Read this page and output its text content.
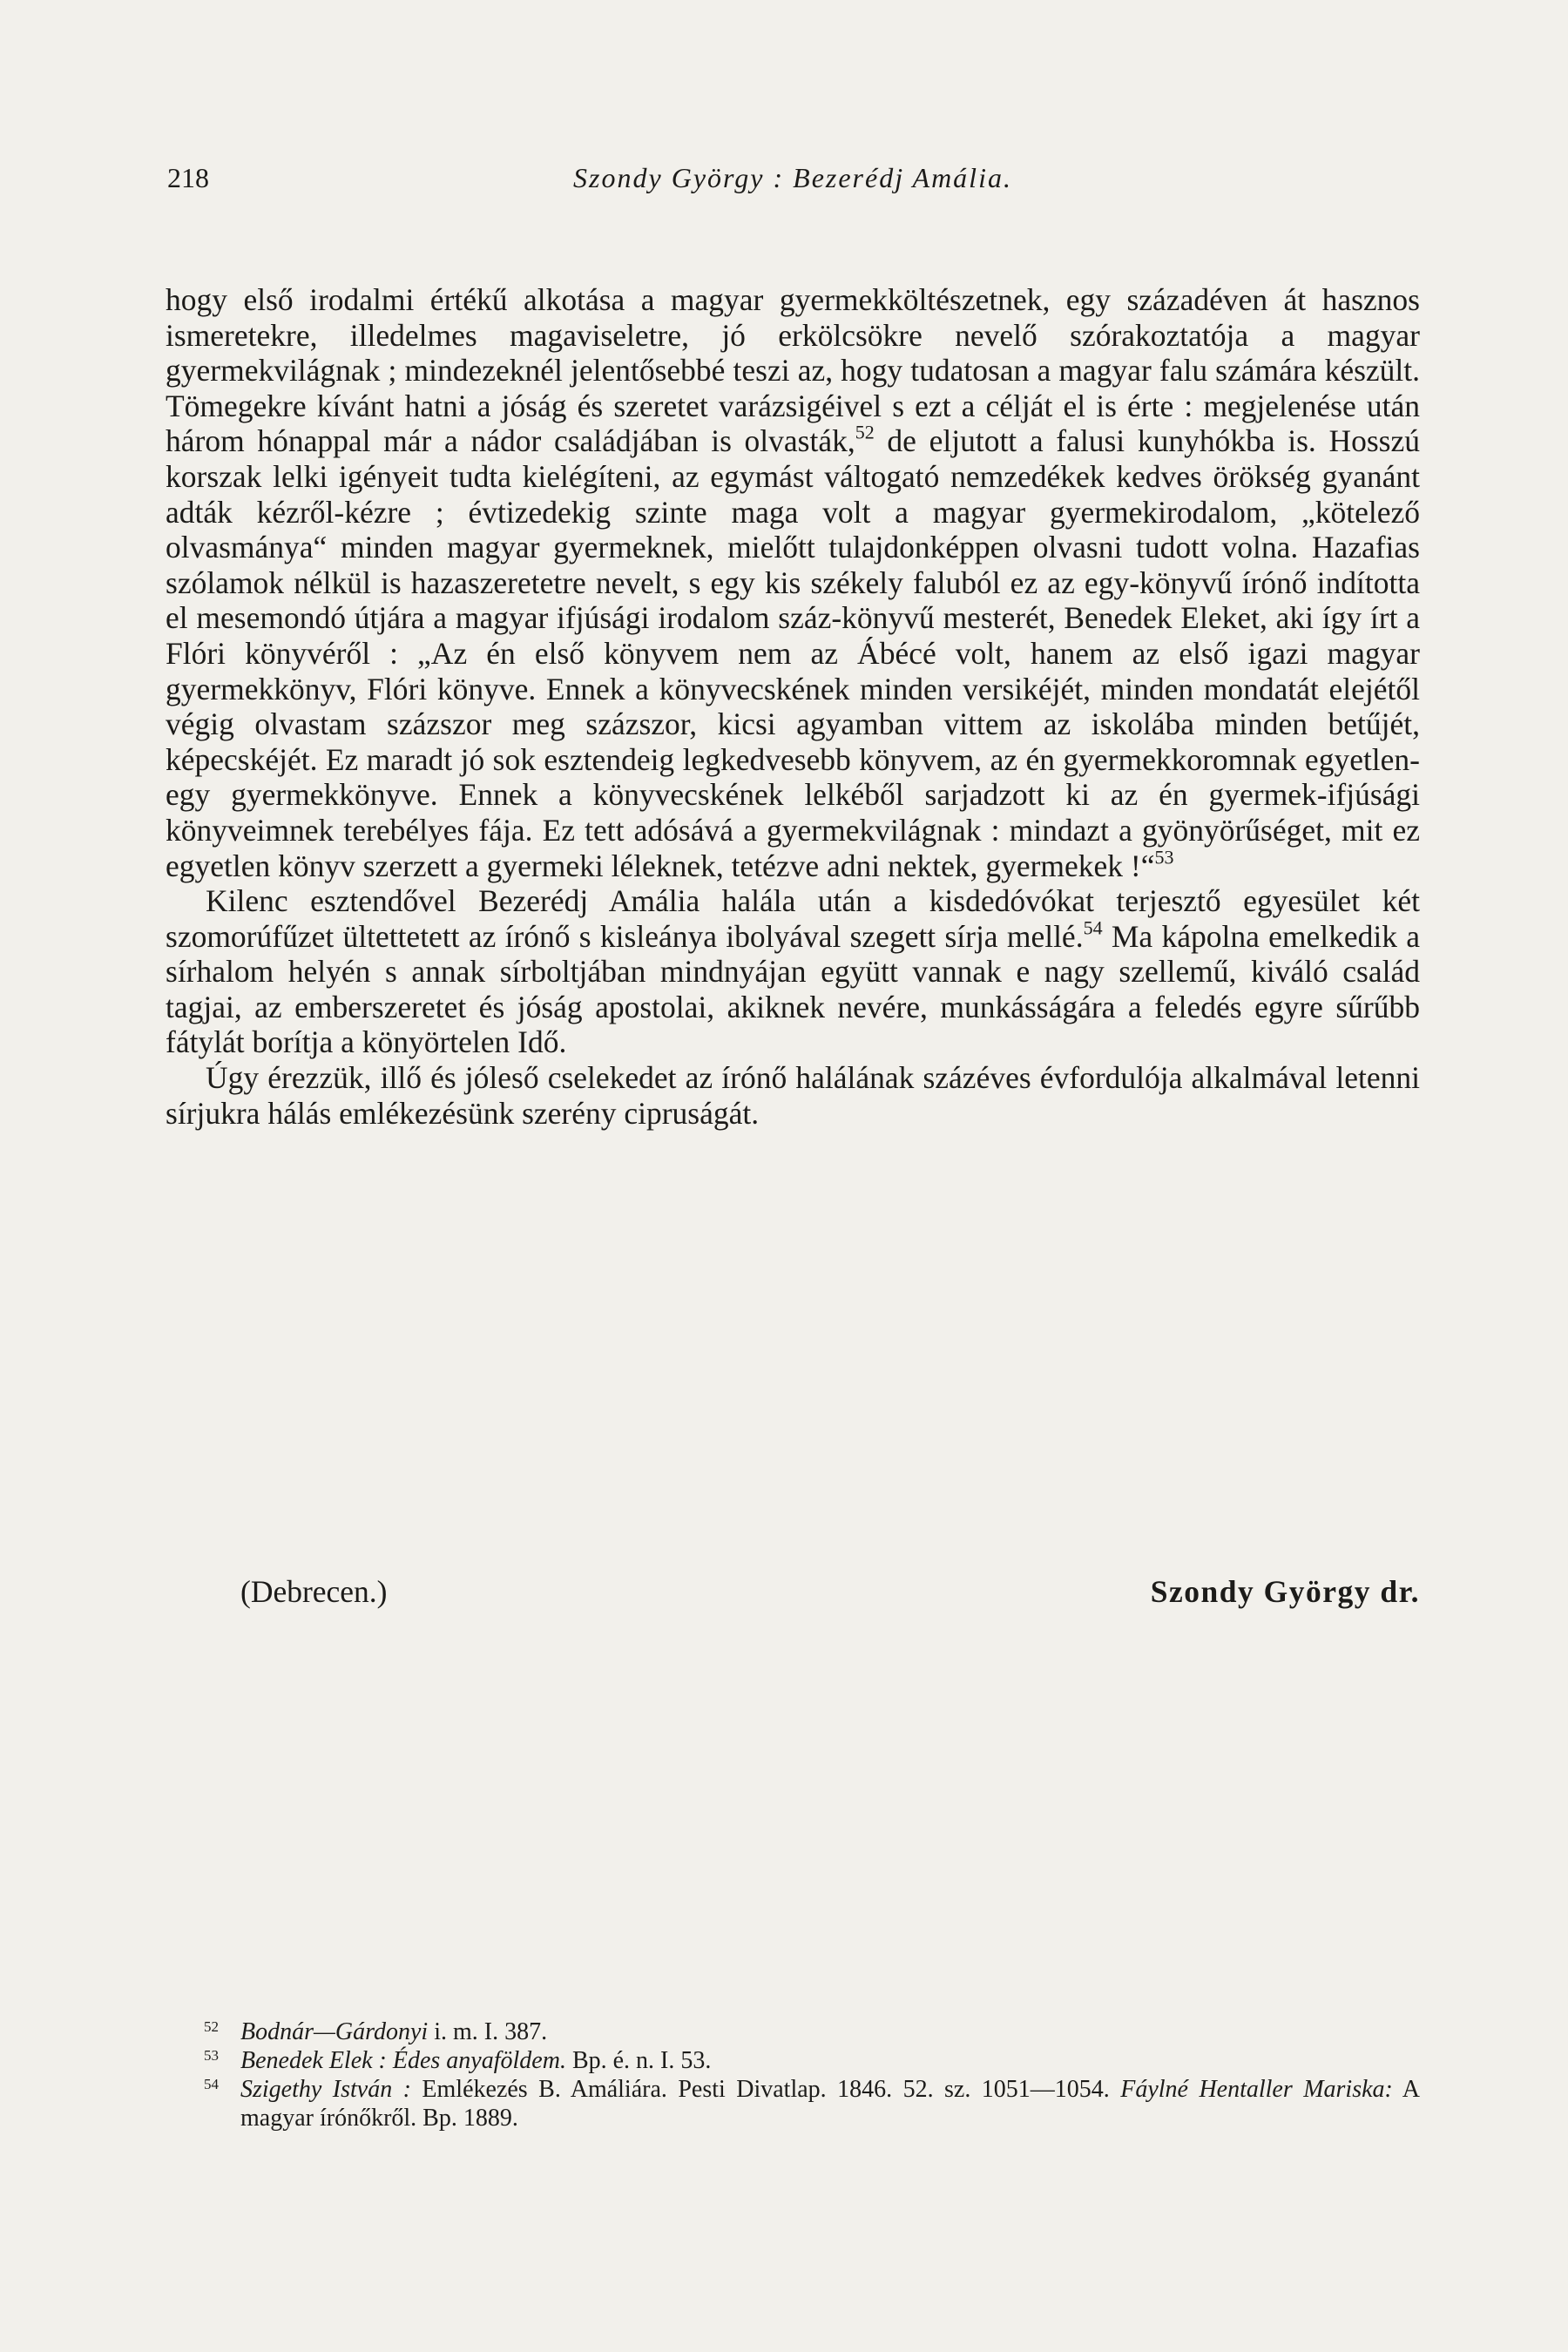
218	Szondy György : Bezerédj Amália.

hogy első irodalmi értékű alkotása a magyar gyermekköltészetnek, egy századéven át hasznos ismeretekre, illedelmes magaviseletre, jó erkölcsökre nevelő szórakoztatója a magyar gyermekvilágnak ; mindezeknél jelentősebbé teszi az, hogy tudatosan a magyar falu számára készült. Tömegekre kívánt hatni a jóság és szeretet varázsigéivel s ezt a célját el is érte : megjelenése után három hónappal már a nádor családjában is olvasták,$^{52}$ de eljutott a falusi kunyhókba is. Hosszú korszak lelki igényeit tudta kielégíteni, az egymást váltogató nemzedékek kedves örökség gyanánt adták kézről-kézre ; évtizedekig szinte maga volt a magyar gyermekirodalom, „kötelező olvasmánya“ minden magyar gyermeknek, mielőtt tulajdonképpen olvasni tudott volna. Hazafias szólamok nélkül is hazaszeretetre nevelt, s egy kis székely faluból ez az egy-könyvű írónő indította el mesemondó útjára a magyar ifjúsági irodalom száz-könyvű mesterét, Benedek Eleket, aki így írt a Flóri könyvéről : „Az én első könyvem nem az Ábécé volt, hanem az első igazi magyar gyermekkönyv, Flóri könyve. Ennek a könyvecskének minden versikéjét, minden mondatát elejétől végig olvastam százszor meg százszor, kicsi agyamban vittem az iskolába minden betűjét, képecskéjét. Ez maradt jó sok esztendeig legkedvesebb könyvem, az én gyermekkoromnak egyetlen-egy gyermekkönyve. Ennek a könyvecskének lelkéből sarjadzott ki az én gyermek-ifjúsági könyveimnek terebélyes fája. Ez tett adósává a gyermekvilágnak : mindazt a gyönyörűséget, mit ez egyetlen könyv szerzett a gyermeki léleknek, tetézve adni nektek, gyermekek !“$^{53}$

Kilenc esztendővel Bezerédj Amália halála után a kisdedóvókat terjesztő egyesület két szomorúfűzet ültettetett az írónő s kisleánya ibolyával szegett sírja mellé.$^{54}$ Ma kápolna emelkedik a sírhalom helyén s annak sírboltjában mindnyájan együtt vannak e nagy szellemű, kiváló család tagjai, az emberszeretet és jóság apostolai, akiknek nevére, munkásságára a feledés egyre sűrűbb fátylát borítja a könyörtelen Idő.

Úgy érezzük, illő és jóleső cselekedet az írónő halálának százéves évfordulója alkalmával letenni sírjukra hálás emlékezésünk szerény cipruságát.

(Debrecen.)	Szondy György dr.
52 Bodnár—Gárdonyi i. m. I. 387.
53 Benedek Elek : Édes anyaföldem. Bp. é. n. I. 53.
54 Szigethy István : Emlékezés B. Amáliára. Pesti Divatlap. 1846. 52. sz. 1051—1054. Fáylné Hentaller Mariska: A magyar írónőkről. Bp. 1889.
